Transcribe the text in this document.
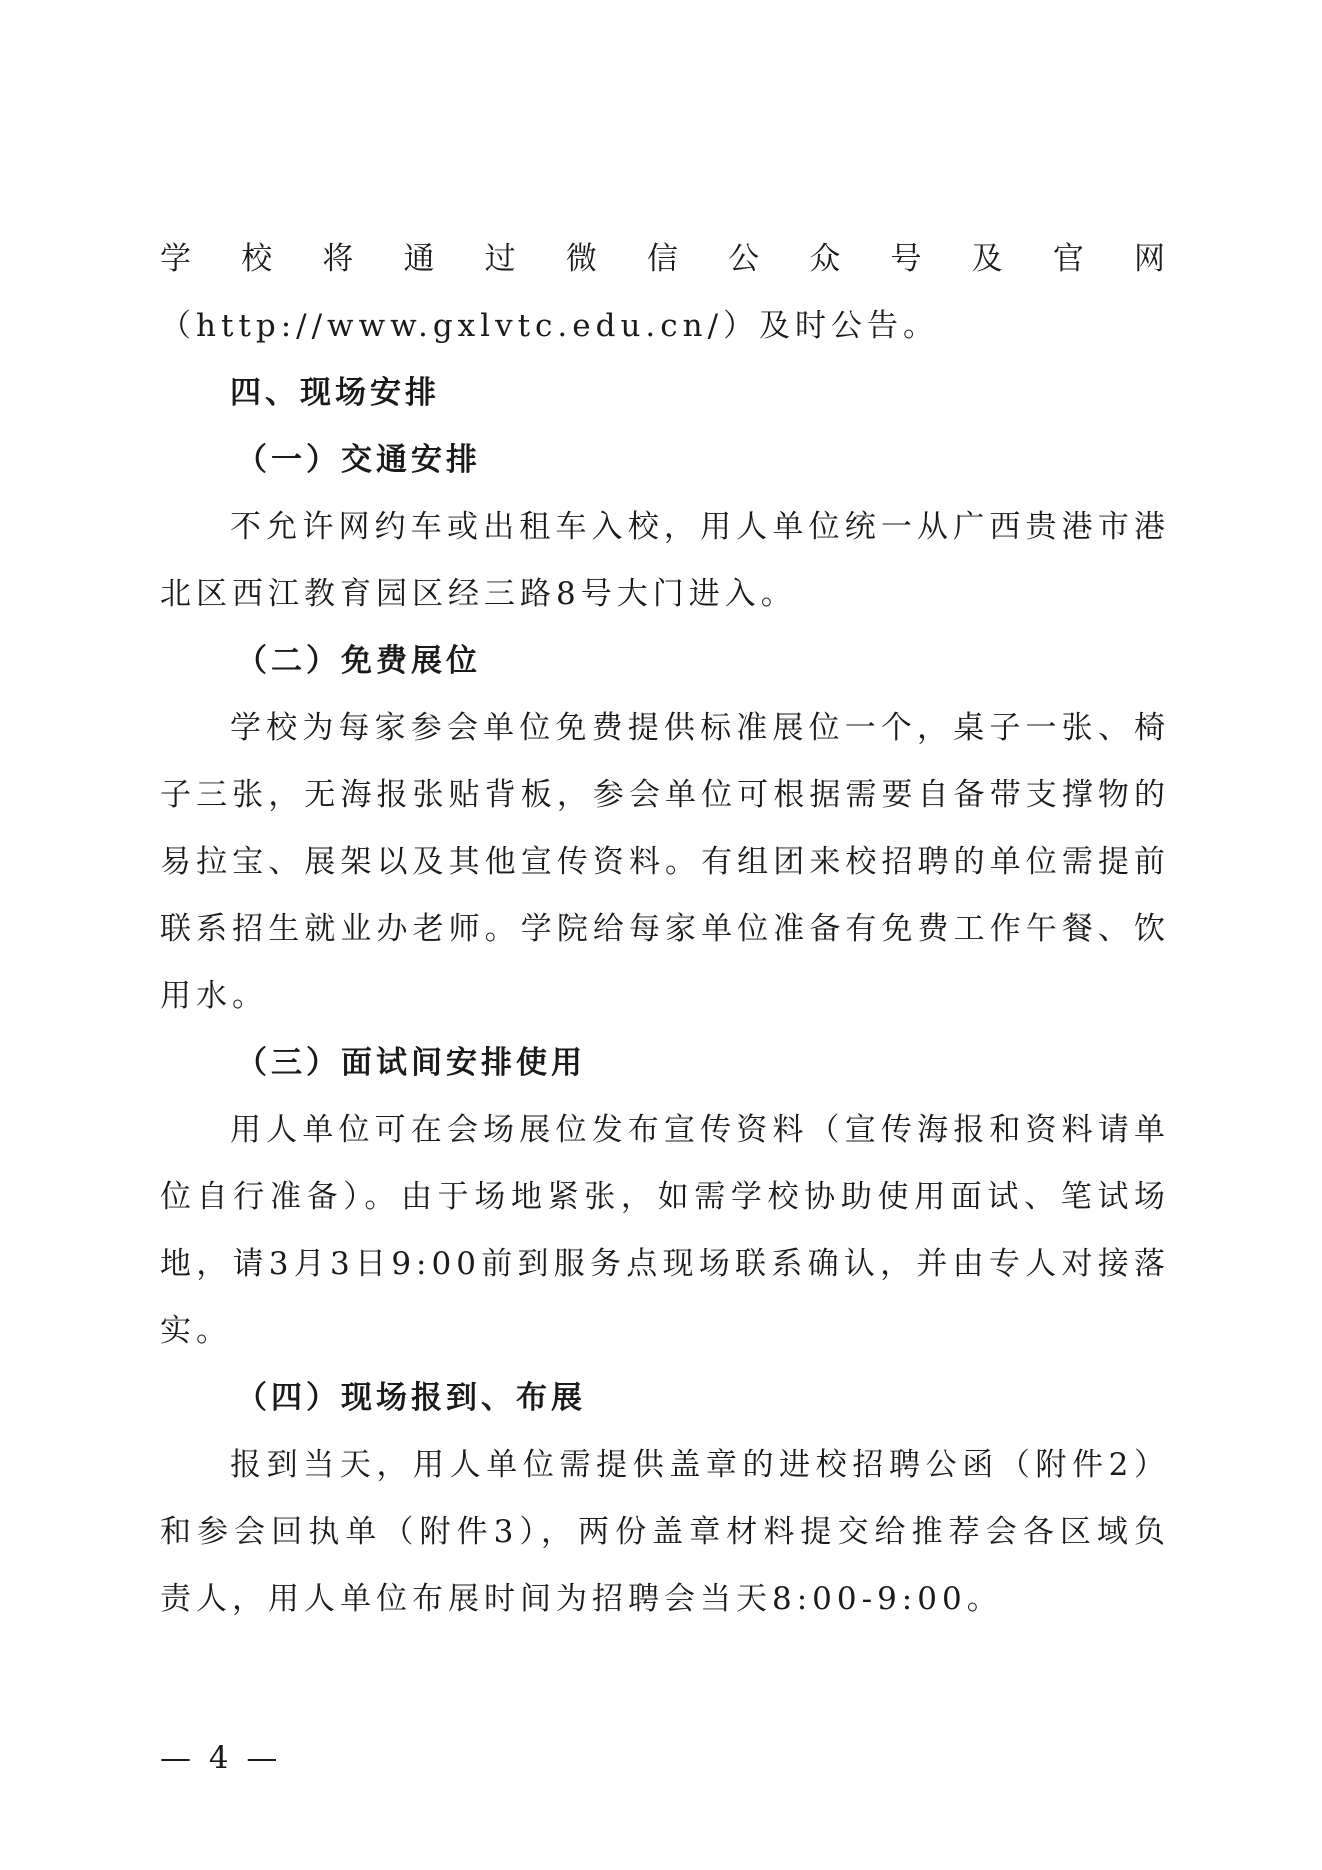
学校将通过微信公众号及官网（http://www.gxlvtc.edu.cn/）及时公告。

四、现场安排

（一）交通安排

不允许网约车或出租车入校，用人单位统一从广西贵港市港北区西江教育园区经三路8号大门进入。

（二）免费展位

学校为每家参会单位免费提供标准展位一个，桌子一张、椅子三张，无海报张贴背板，参会单位可根据需要自备带支撑物的易拉宝、展架以及其他宣传资料。有组团来校招聘的单位需提前联系招生就业办老师。学院给每家单位准备有免费工作午餐、饮用水。

（三）面试间安排使用

用人单位可在会场展位发布宣传资料（宣传海报和资料请单位自行准备）。由于场地紧张，如需学校协助使用面试、笔试场地，请3月3日9:00前到服务点现场联系确认，并由专人对接落实。

（四）现场报到、布展

报到当天，用人单位需提供盖章的进校招聘公函（附件2）和参会回执单（附件3），两份盖章材料提交给推荐会各区域负责人，用人单位布展时间为招聘会当天8:00-9:00。

— 4 —
